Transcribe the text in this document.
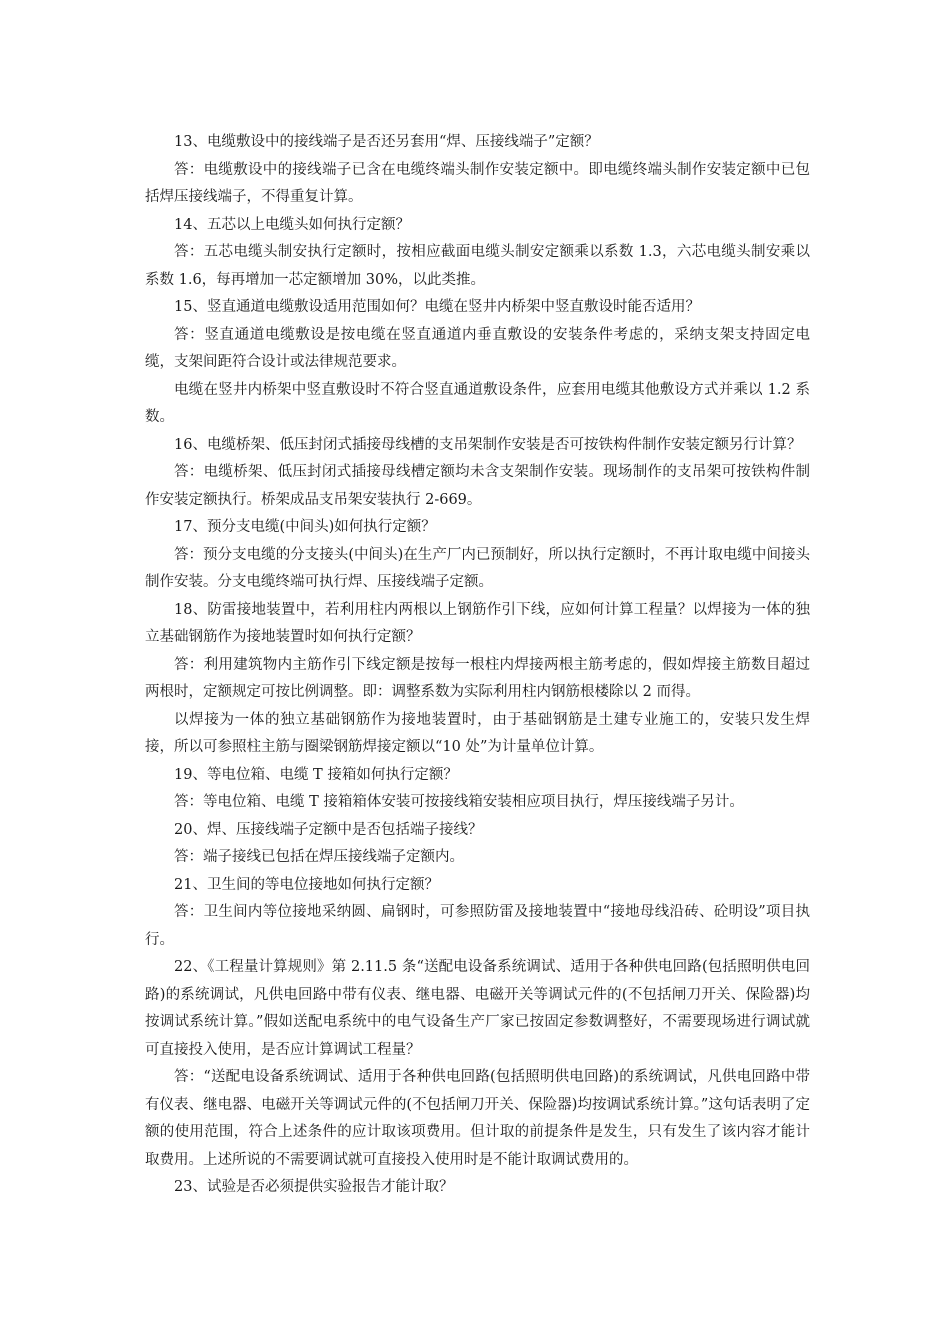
13、电缆敷设中的接线端子是否还另套用“焊、压接线端子”定额？

答：电缆敷设中的接线端子已含在电缆终端头制作安装定额中。即电缆终端头制作安装定额中已包括焊压接线端子，不得重复计算。

14、五芯以上电缆头如何执行定额？

答：五芯电缆头制安执行定额时，按相应截面电缆头制安定额乘以系数 1.3，六芯电缆头制安乘以系数 1.6，每再增加一芯定额增加 30%，以此类推。

15、竖直通道电缆敷设适用范围如何？电缆在竖井内桥架中竖直敷设时能否适用？

答：竖直通道电缆敷设是按电缆在竖直通道内垂直敷设的安装条件考虑的，采纳支架支持固定电缆，支架间距符合设计或法律规范要求。

电缆在竖井内桥架中竖直敷设时不符合竖直通道敷设条件，应套用电缆其他敷设方式并乘以 1.2 系数。

16、电缆桥架、低压封闭式插接母线槽的支吊架制作安装是否可按铁构件制作安装定额另行计算？

答：电缆桥架、低压封闭式插接母线槽定额均未含支架制作安装。现场制作的支吊架可按铁构件制作安装定额执行。桥架成品支吊架安装执行 2-669。

17、预分支电缆(中间头)如何执行定额？

答：预分支电缆的分支接头(中间头)在生产厂内已预制好，所以执行定额时，不再计取电缆中间接头制作安装。分支电缆终端可执行焊、压接线端子定额。

18、防雷接地装置中，若利用柱内两根以上钢筋作引下线，应如何计算工程量？以焊接为一体的独立基础钢筋作为接地装置时如何执行定额？

答：利用建筑物内主筋作引下线定额是按每一根柱内焊接两根主筋考虑的，假如焊接主筋数目超过两根时，定额规定可按比例调整。即：调整系数为实际利用柱内钢筋根楼除以 2 而得。

以焊接为一体的独立基础钢筋作为接地装置时，由于基础钢筋是土建专业施工的，安装只发生焊接，所以可参照柱主筋与圈梁钢筋焊接定额以“10 处”为计量单位计算。

19、等电位箱、电缆 T 接箱如何执行定额？

答：等电位箱、电缆 T 接箱箱体安装可按接线箱安装相应项目执行，焊压接线端子另计。

20、焊、压接线端子定额中是否包括端子接线？

答：端子接线已包括在焊压接线端子定额内。

21、卫生间的等电位接地如何执行定额？

答：卫生间内等位接地采纳圆、扁钢时，可参照防雷及接地装置中“接地母线沿砖、砼明设”项目执行。

22、《工程量计算规则》第 2.11.5 条“送配电设备系统调试、适用于各种供电回路(包括照明供电回路)的系统调试，凡供电回路中带有仪表、继电器、电磁开关等调试元件的(不包括闸刀开关、保险器)均按调试系统计算。”假如送配电系统中的电气设备生产厂家已按固定参数调整好，不需要现场进行调试就可直接投入使用，是否应计算调试工程量？

答：“送配电设备系统调试、适用于各种供电回路(包括照明供电回路)的系统调试，凡供电回路中带有仪表、继电器、电磁开关等调试元件的(不包括闸刀开关、保险器)均按调试系统计算。”这句话表明了定额的使用范围，符合上述条件的应计取该项费用。但计取的前提条件是发生，只有发生了该内容才能计取费用。上述所说的不需要调试就可直接投入使用时是不能计取调试费用的。

23、试验是否必须提供实验报告才能计取？
